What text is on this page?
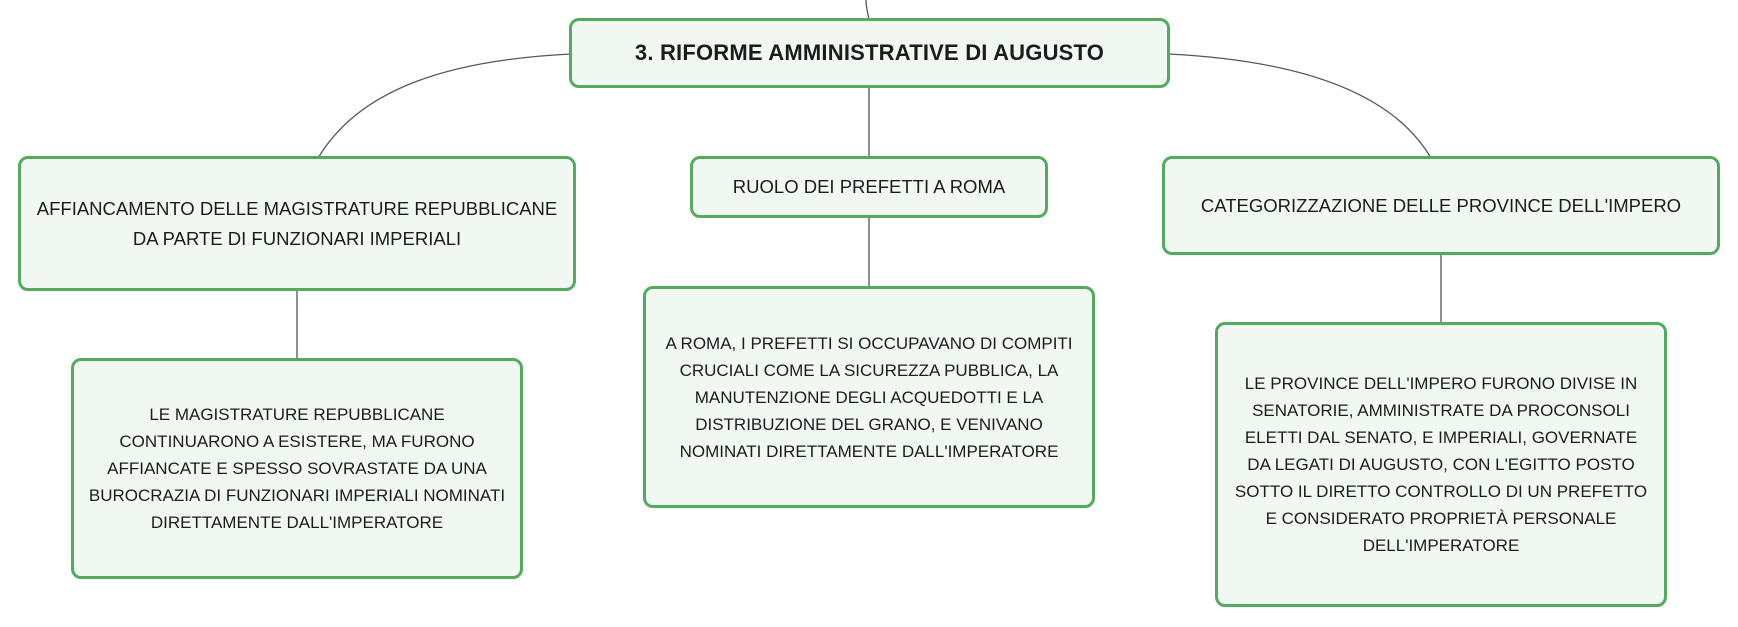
3. RIFORME AMMINISTRATIVE DI AUGUSTO
AFFIANCAMENTO DELLE MAGISTRATURE REPUBBLICANE DA PARTE DI FUNZIONARI IMPERIALI
RUOLO DEI PREFETTI A ROMA
CATEGORIZZAZIONE DELLE PROVINCE DELL'IMPERO
LE MAGISTRATURE REPUBBLICANE CONTINUARONO A ESISTERE, MA FURONO AFFIANCATE E SPESSO SOVRASTATE DA UNA BUROCRAZIA DI FUNZIONARI IMPERIALI NOMINATI DIRETTAMENTE DALL'IMPERATORE
A ROMA, I PREFETTI SI OCCUPAVANO DI COMPITI CRUCIALI COME LA SICUREZZA PUBBLICA, LA MANUTENZIONE DEGLI ACQUEDOTTI E LA DISTRIBUZIONE DEL GRANO, E VENIVANO NOMINATI DIRETTAMENTE DALL'IMPERATORE
LE PROVINCE DELL'IMPERO FURONO DIVISE IN SENATORIE, AMMINISTRATE DA PROCONSOLI ELETTI DAL SENATO, E IMPERIALI, GOVERNATE DA LEGATI DI AUGUSTO, CON L'EGITTO POSTO SOTTO IL DIRETTO CONTROLLO DI UN PREFETTO E CONSIDERATO PROPRIETÀ PERSONALE DELL'IMPERATORE
